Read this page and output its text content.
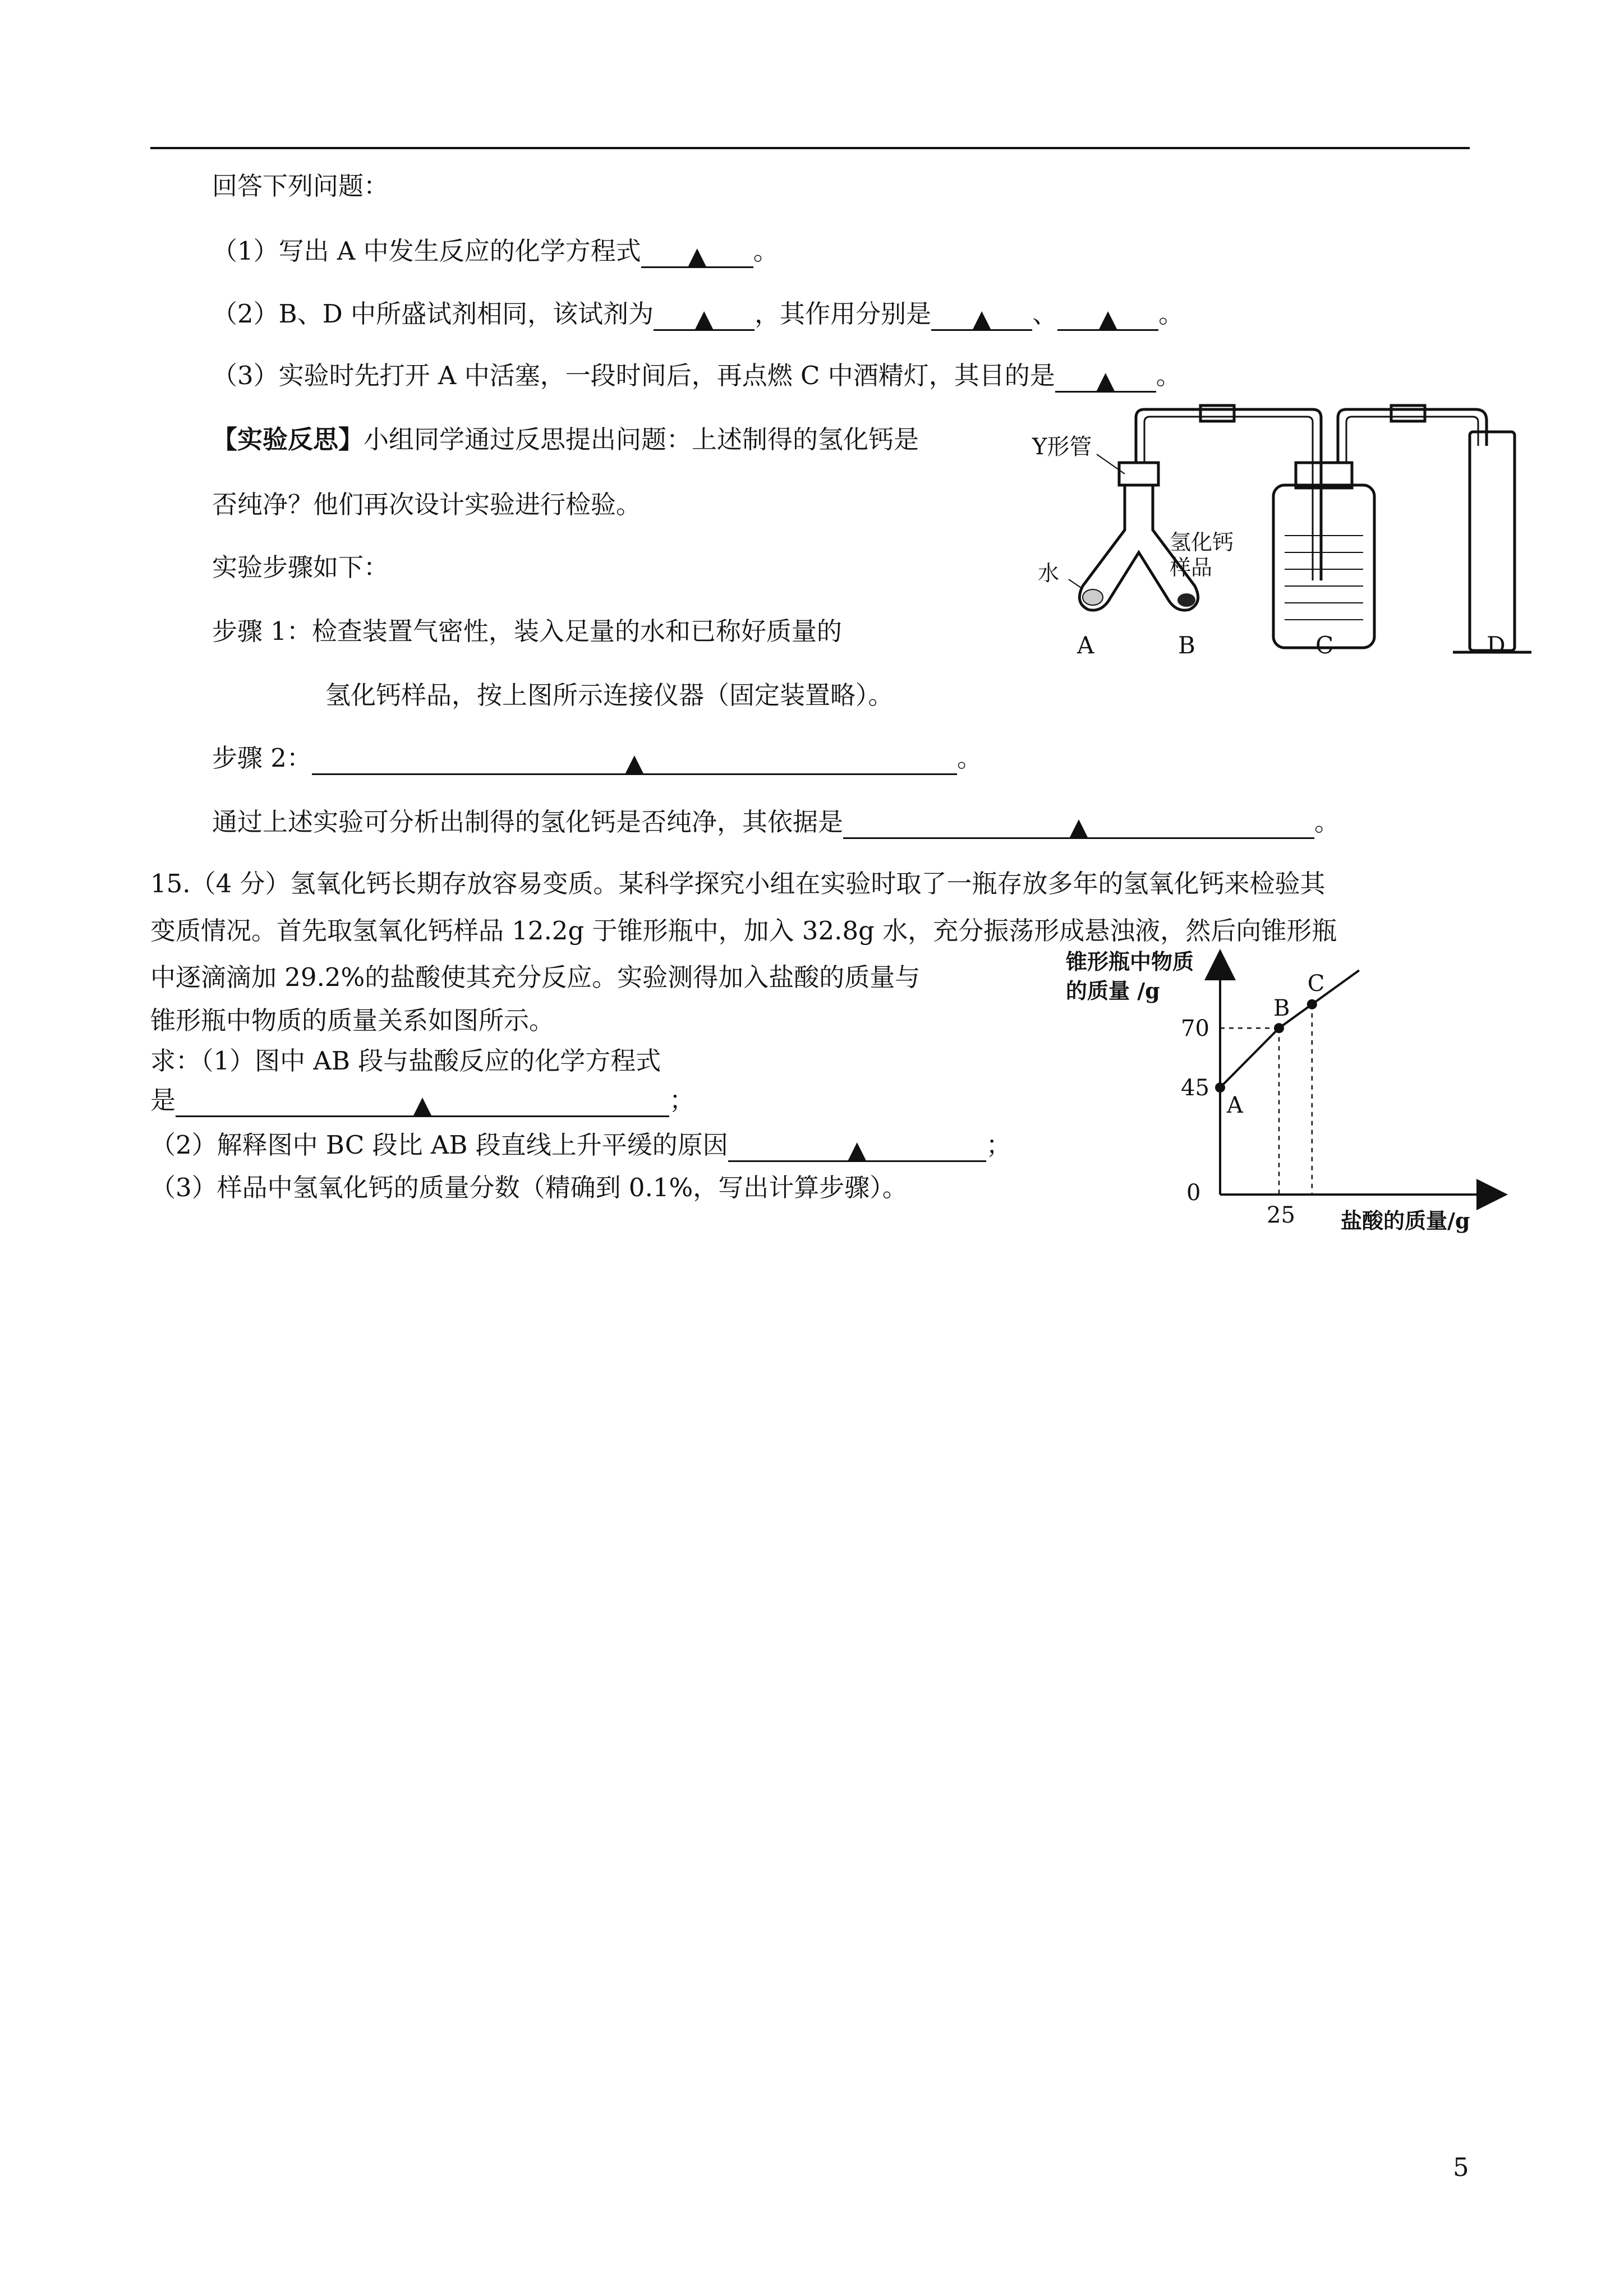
回答下列问题：
（1）写出 A 中发生反应的化学方程式 ▲ 。
（2）B、D 中所盛试剂相同，该试剂为 ▲ ，其作用分别是 ▲ 、 ▲ 。
（3）实验时先打开 A 中活塞，一段时间后，再点燃 C 中酒精灯，其目的是 ▲ 。
【实验反思】小组同学通过反思提出问题：上述制得的氢化钙是
否纯净？他们再次设计实验进行检验。
实验步骤如下：
步骤 1：检查装置气密性，装入足量的水和已称好质量的
氢化钙样品，按上图所示连接仪器（固定装置略）。
步骤 2：	▲	。
通过上述实验可分析出制得的氢化钙是否纯净，其依据是	▲	。
Y形管
水
氢化钙
样品
A	B	C	D
15.（4 分）氢氧化钙长期存放容易变质。某科学探究小组在实验时取了一瓶存放多年的氢氧化钙来检验其
变质情况。首先取氢氧化钙样品 12.2g 于锥形瓶中，加入 32.8g 水，充分振荡形成悬浊液，然后向锥形瓶
中逐滴滴加 29.2%的盐酸使其充分反应。实验测得加入盐酸的质量与
锥形瓶中物质的质量关系如图所示。
求：（1）图中 AB 段与盐酸反应的化学方程式
是	▲	；
（2）解释图中 BC 段比 AB 段直线上升平缓的原因	▲	；
（3）样品中氢氧化钙的质量分数（精确到 0.1%，写出计算步骤）。
锥形瓶中物质
的质量 /g
盐酸的质量/g
0
A
B
C
70
45
25
5
